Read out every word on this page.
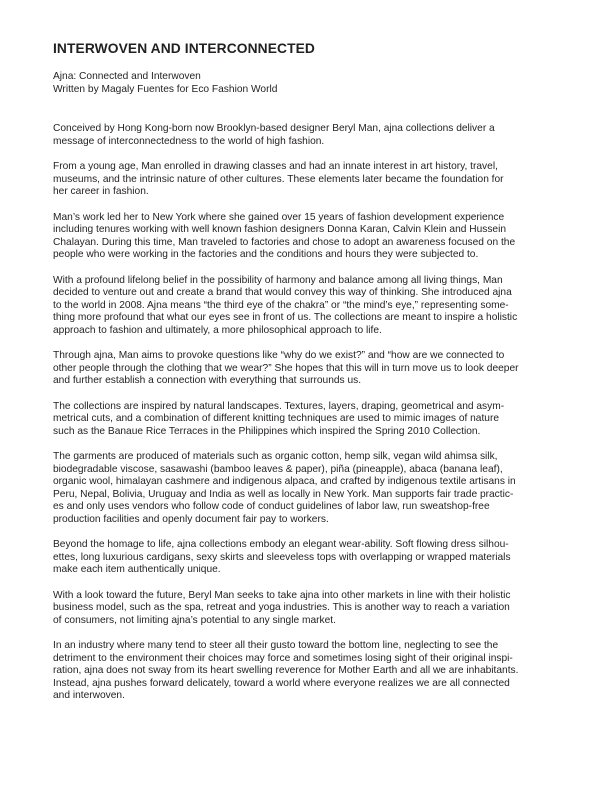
INTERWOVEN AND INTERCONNECTED
Ajna: Connected and Interwoven
Written by Magaly Fuentes for Eco Fashion World

Conceived by Hong Kong-born now Brooklyn-based designer Beryl Man, ajna collections deliver a
message of interconnectedness to the world of high fashion.

From a young age, Man enrolled in drawing classes and had an innate interest in art history, travel,
museums, and the intrinsic nature of other cultures. These elements later became the foundation for
her career in fashion.

Man’s work led her to New York where she gained over 15 years of fashion development experience
including tenures working with well known fashion designers Donna Karan, Calvin Klein and Hussein
Chalayan. During this time, Man traveled to factories and chose to adopt an awareness focused on the
people who were working in the factories and the conditions and hours they were subjected to.

With a profound lifelong belief in the possibility of harmony and balance among all living things, Man
decided to venture out and create a brand that would convey this way of thinking. She introduced ajna
to the world in 2008. Ajna means “the third eye of the chakra” or “the mind’s eye,” representing some-
thing more profound that what our eyes see in front of us. The collections are meant to inspire a holistic
approach to fashion and ultimately, a more philosophical approach to life.

Through ajna, Man aims to provoke questions like “why do we exist?” and “how are we connected to
other people through the clothing that we wear?” She hopes that this will in turn move us to look deeper
and further establish a connection with everything that surrounds us.

The collections are inspired by natural landscapes. Textures, layers, draping, geometrical and asym-
metrical cuts, and a combination of different knitting techniques are used to mimic images of nature
such as the Banaue Rice Terraces in the Philippines which inspired the Spring 2010 Collection.

The garments are produced of materials such as organic cotton, hemp silk, vegan wild ahimsa silk,
biodegradable viscose, sasawashi (bamboo leaves & paper), piña (pineapple), abaca (banana leaf),
organic wool, himalayan cashmere and indigenous alpaca, and crafted by indigenous textile artisans in
Peru, Nepal, Bolivia, Uruguay and India as well as locally in New York. Man supports fair trade practic-
es and only uses vendors who follow code of conduct guidelines of labor law, run sweatshop-free
production facilities and openly document fair pay to workers.

Beyond the homage to life, ajna collections embody an elegant wear-ability. Soft flowing dress silhou-
ettes, long luxurious cardigans, sexy skirts and sleeveless tops with overlapping or wrapped materials
make each item authentically unique.

With a look toward the future, Beryl Man seeks to take ajna into other markets in line with their holistic
business model, such as the spa, retreat and yoga industries. This is another way to reach a variation
of consumers, not limiting ajna’s potential to any single market.

In an industry where many tend to steer all their gusto toward the bottom line, neglecting to see the
detriment to the environment their choices may force and sometimes losing sight of their original inspi-
ration, ajna does not sway from its heart swelling reverence for Mother Earth and all we are inhabitants.
Instead, ajna pushes forward delicately, toward a world where everyone realizes we are all connected
and interwoven.
